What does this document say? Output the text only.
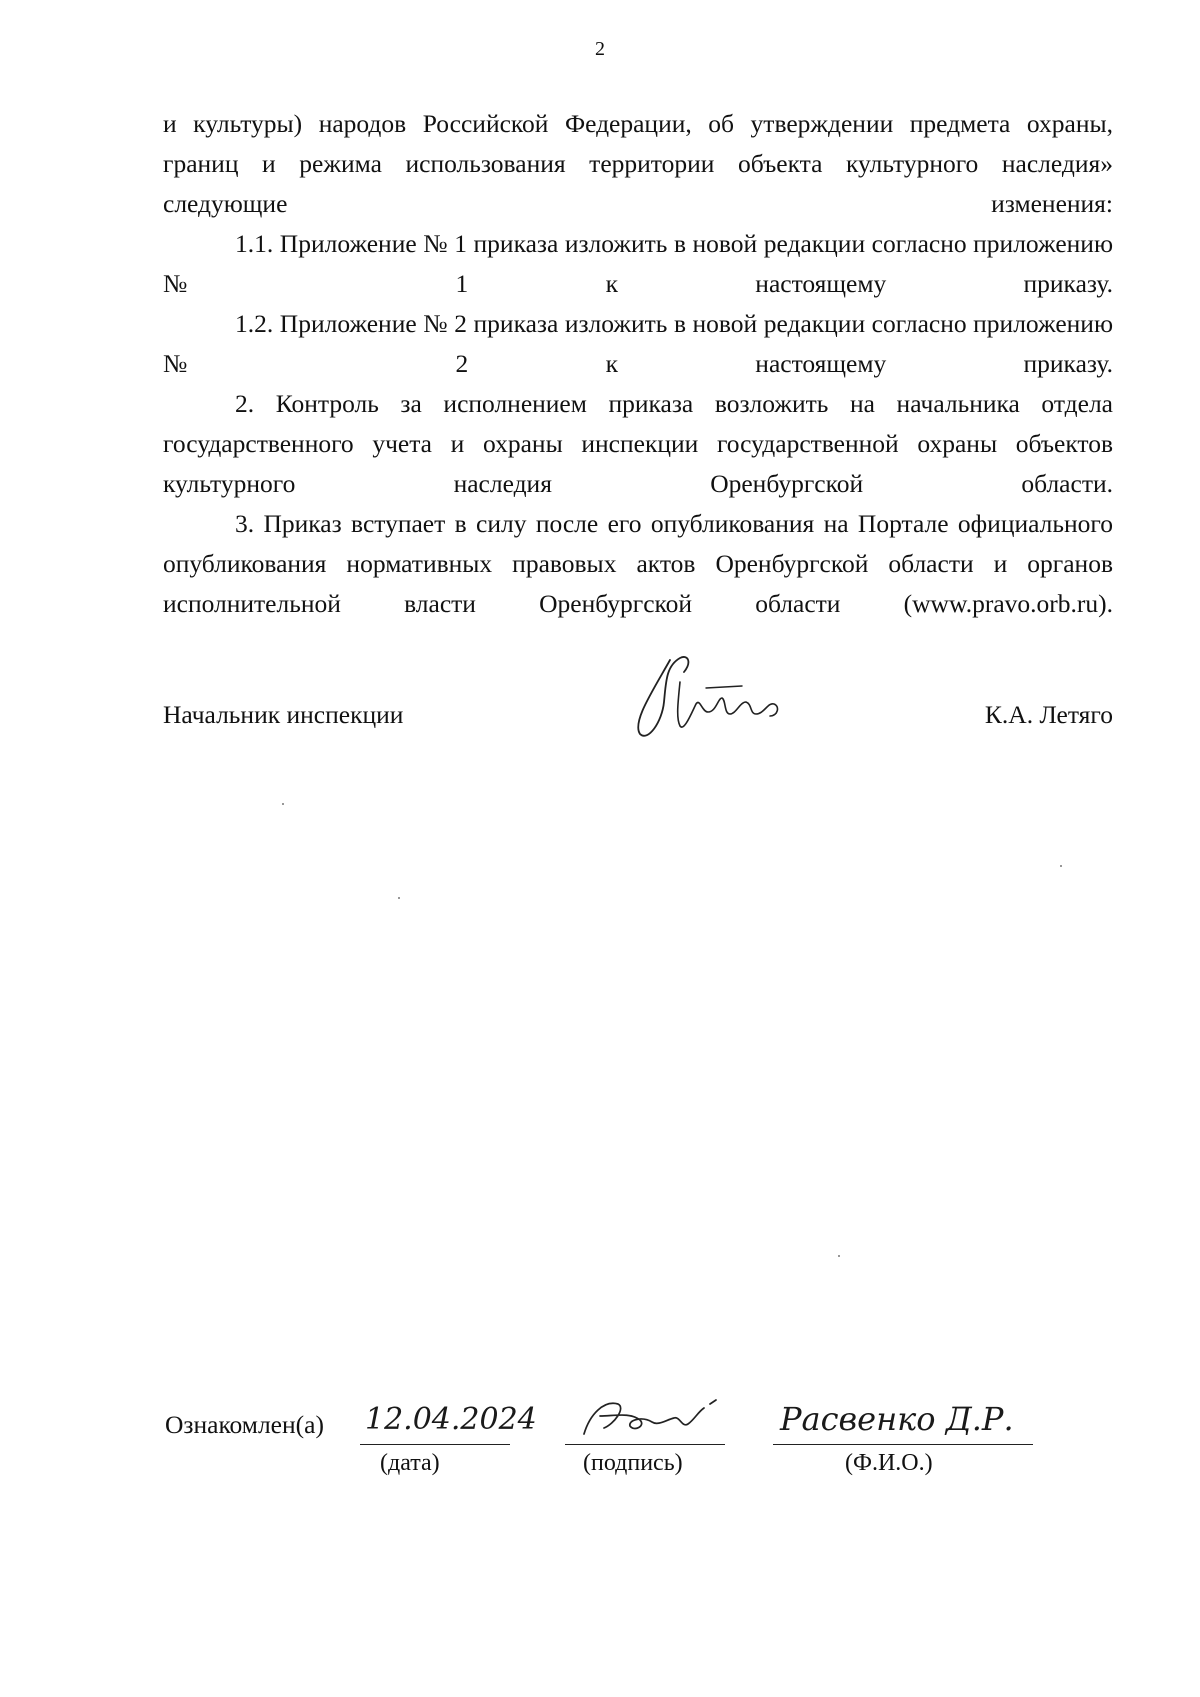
2

и культуры) народов Российской Федерации, об утверждении предмета охраны, границ и режима использования территории объекта культурного наследия» следующие изменения:

1.1. Приложение № 1 приказа изложить в новой редакции согласно приложению № 1 к настоящему приказу.

1.2. Приложение № 2 приказа изложить в новой редакции согласно приложению № 2 к настоящему приказу.

2. Контроль за исполнением приказа возложить на начальника отдела государственного учета и охраны инспекции государственной охраны объектов культурного наследия Оренбургской области.

3. Приказ вступает в силу после его опубликования на Портале официального опубликования нормативных правовых актов Оренбургской области и органов исполнительной власти Оренбургской области (www.pravo.orb.ru).

Начальник инспекции	К.А. Летяго
Ознакомлен(а) 12.04.2024
(дата)	(подпись)
Расвенко Д.Р.
(Ф.И.О.)
